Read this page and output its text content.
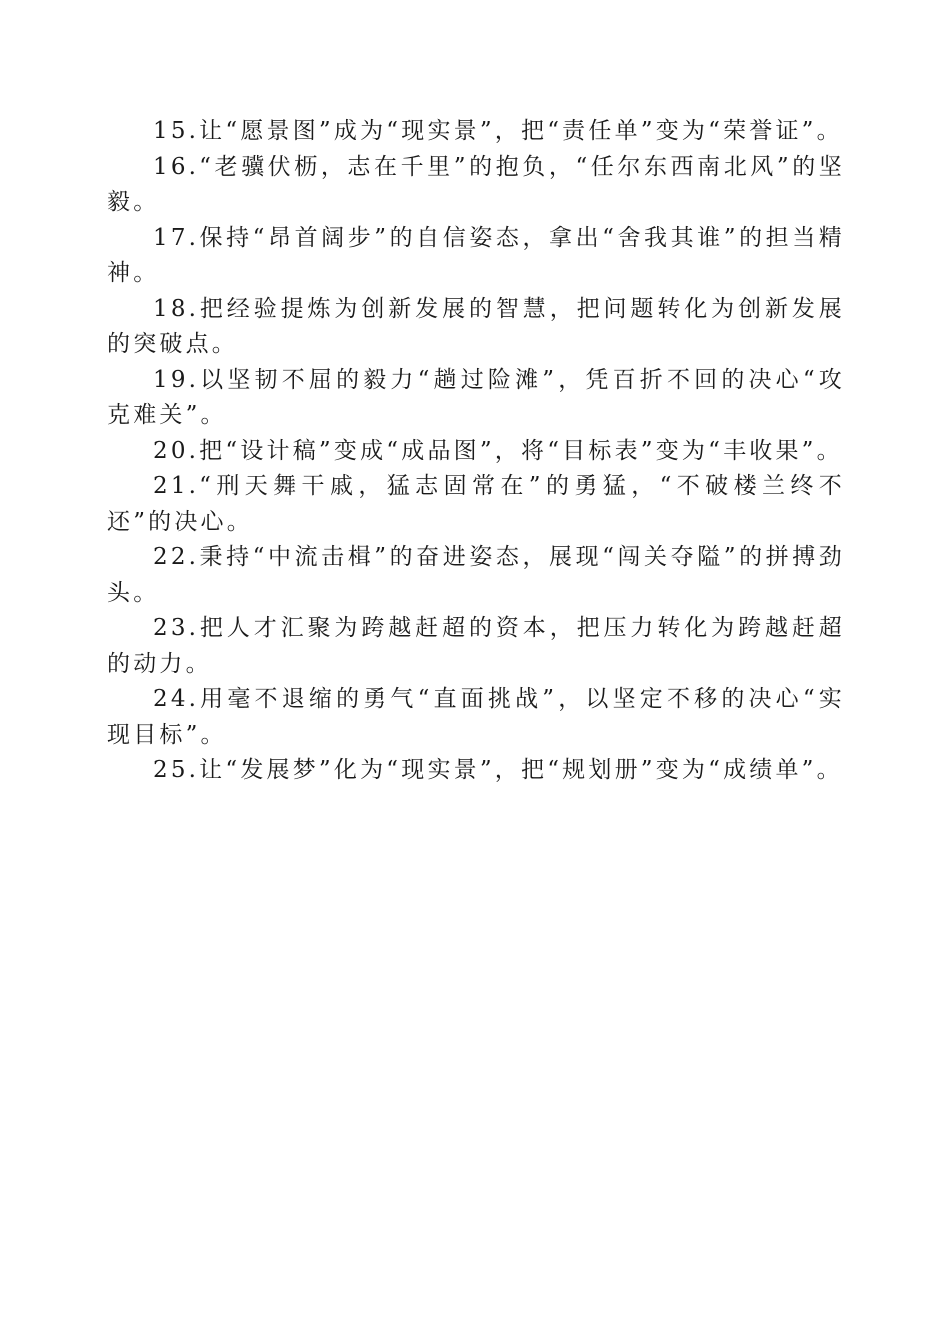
15.让“愿景图”成为“现实景”，把“责任单”变为“荣誉证”。

16.“老骥伏枥，志在千里”的抱负，“任尔东西南北风”的坚毅。

17.保持“昂首阔步”的自信姿态，拿出“舍我其谁”的担当精神。

18.把经验提炼为创新发展的智慧，把问题转化为创新发展的突破点。

19.以坚韧不屈的毅力“趟过险滩”，凭百折不回的决心“攻克难关”。

20.把“设计稿”变成“成品图”，将“目标表”变为“丰收果”。

21.“刑天舞干戚，猛志固常在”的勇猛，“不破楼兰终不还”的决心。

22.秉持“中流击楫”的奋进姿态，展现“闯关夺隘”的拼搏劲头。

23.把人才汇聚为跨越赶超的资本，把压力转化为跨越赶超的动力。

24.用毫不退缩的勇气“直面挑战”，以坚定不移的决心“实现目标”。

25.让“发展梦”化为“现实景”，把“规划册”变为“成绩单”。
